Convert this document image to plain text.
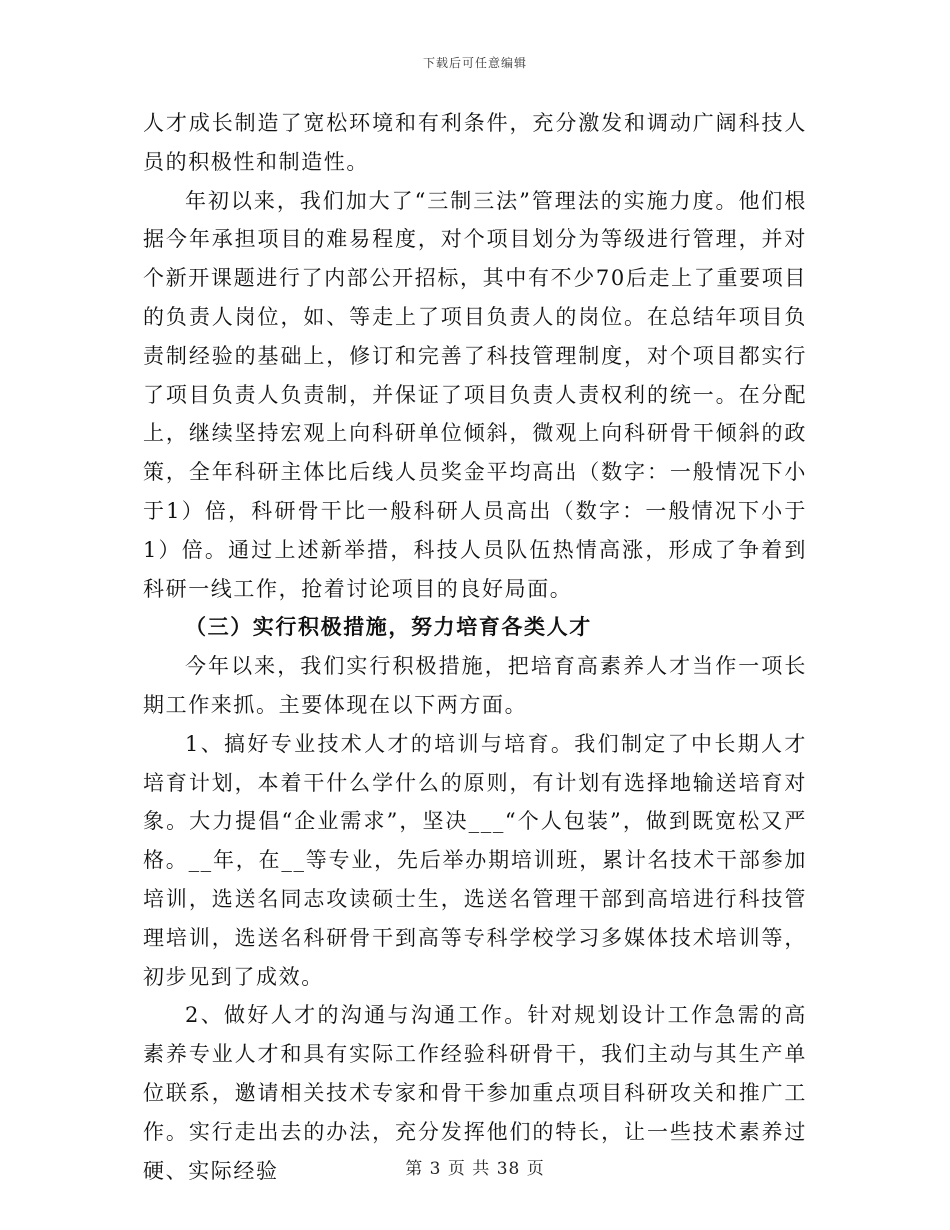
下载后可任意编辑

人才成长制造了宽松环境和有利条件，充分激发和调动广阔科技人员的积极性和制造性。

年初以来，我们加大了“三制三法”管理法的实施力度。他们根据今年承担项目的难易程度，对个项目划分为等级进行管理，并对个新开课题进行了内部公开招标，其中有不少70后走上了重要项目的负责人岗位，如、等走上了项目负责人的岗位。在总结年项目负责制经验的基础上，修订和完善了科技管理制度，对个项目都实行了项目负责人负责制，并保证了项目负责人责权利的统一。在分配上，继续坚持宏观上向科研单位倾斜，微观上向科研骨干倾斜的政策，全年科研主体比后线人员奖金平均高出（数字：一般情况下小于1）倍，科研骨干比一般科研人员高出（数字：一般情况下小于1）倍。通过上述新举措，科技人员队伍热情高涨，形成了争着到科研一线工作，抢着讨论项目的良好局面。

（三）实行积极措施，努力培育各类人才

今年以来，我们实行积极措施，把培育高素养人才当作一项长期工作来抓。主要体现在以下两方面。

1、搞好专业技术人才的培训与培育。我们制定了中长期人才培育计划，本着干什么学什么的原则，有计划有选择地输送培育对象。大力提倡“企业需求”，坚决___“个人包装”，做到既宽松又严格。__年，在__等专业，先后举办期培训班，累计名技术干部参加培训，选送名同志攻读硕士生，选送名管理干部到高培进行科技管理培训，选送名科研骨干到高等专科学校学习多媒体技术培训等，初步见到了成效。

2、做好人才的沟通与沟通工作。针对规划设计工作急需的高素养专业人才和具有实际工作经验科研骨干，我们主动与其生产单位联系，邀请相关技术专家和骨干参加重点项目科研攻关和推广工作。实行走出去的办法，充分发挥他们的特长，让一些技术素养过硬、实际经验	第 3 页 共 38 页
